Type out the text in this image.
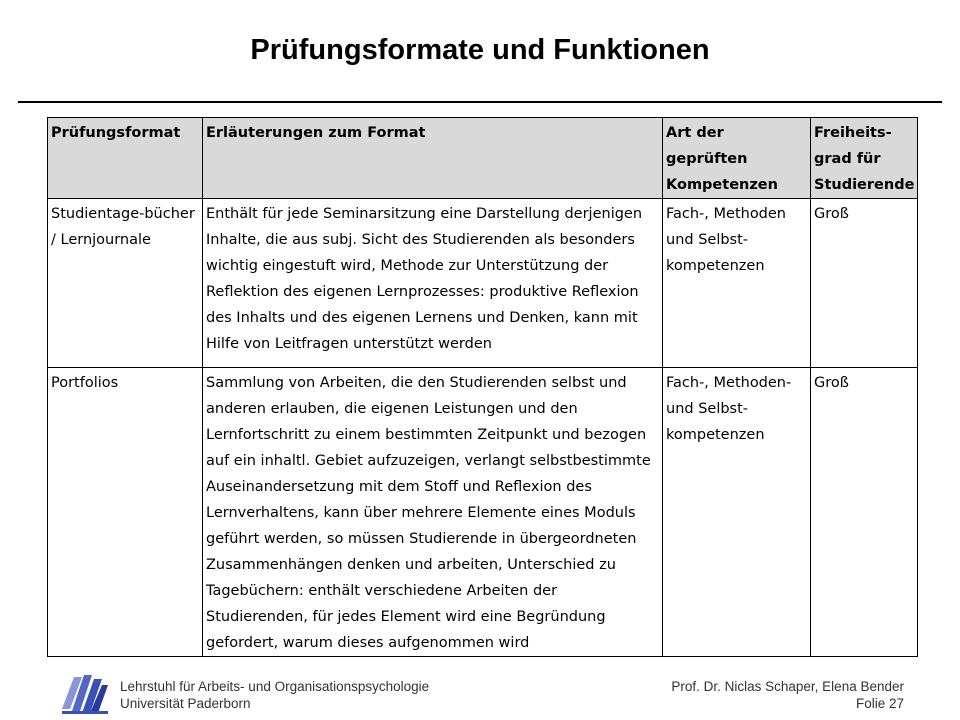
Prüfungsformate und Funktionen
Prüfungsformat	Erläuterungen zum Format	Art der geprüften Kompetenzen	Freiheits-grad für Studierende
Studientage-bücher / Lernjournale	Enthält für jede Seminarsitzung eine Darstellung derjenigen Inhalte, die aus subj. Sicht des Studierenden als besonders wichtig eingestuft wird, Methode zur Unterstützung der Reflektion des eigenen Lernprozesses: produktive Reflexion des Inhalts und des eigenen Lernens und Denken, kann mit Hilfe von Leitfragen unterstützt werden	Fach-, Methoden und Selbst-kompetenzen	Groß
Portfolios	Sammlung von Arbeiten, die den Studierenden selbst und anderen erlauben, die eigenen Leistungen und den Lernfortschritt zu einem bestimmten Zeitpunkt und bezogen auf ein inhaltl. Gebiet aufzuzeigen, verlangt selbstbestimmte Auseinandersetzung mit dem Stoff und Reflexion des Lernverhaltens, kann über mehrere Elemente eines Moduls geführt werden, so müssen Studierende in übergeordneten Zusammenhängen denken und arbeiten, Unterschied zu Tagebüchern: enthält verschiedene Arbeiten der Studierenden, für jedes Element wird eine Begründung gefordert, warum dieses aufgenommen wird	Fach-, Methoden- und Selbst-kompetenzen	Groß
Lehrstuhl für Arbeits- und Organisationspsychologie
Universität Paderborn
Prof. Dr. Niclas Schaper, Elena Bender
Folie 27
